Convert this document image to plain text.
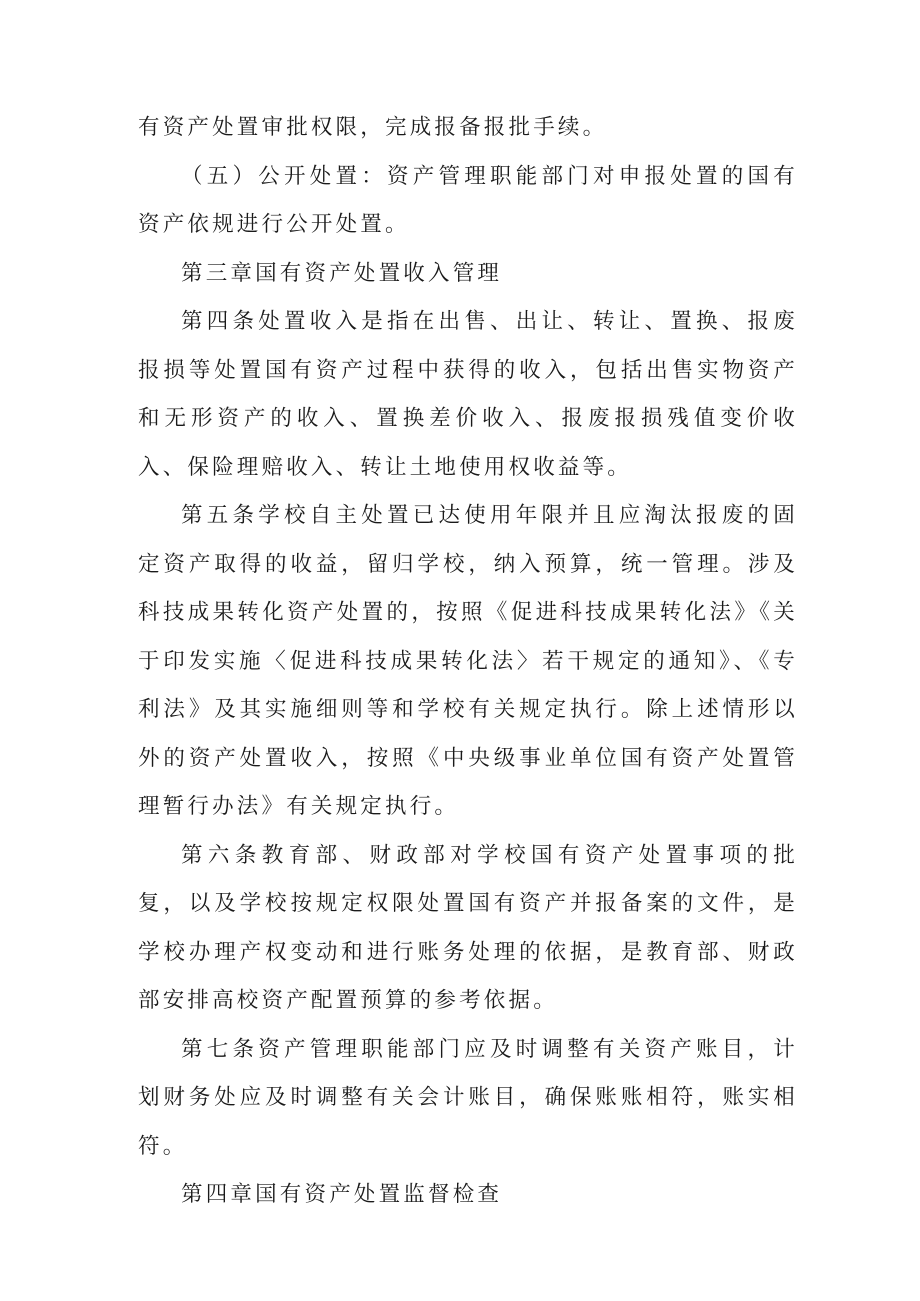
有资产处置审批权限，完成报备报批手续。

（五）公开处置：资产管理职能部门对申报处置的国有资产依规进行公开处置。

第三章国有资产处置收入管理

第四条处置收入是指在出售、出让、转让、置换、报废报损等处置国有资产过程中获得的收入，包括出售实物资产和无形资产的收入、置换差价收入、报废报损残值变价收入、保险理赔收入、转让土地使用权收益等。

第五条学校自主处置已达使用年限并且应淘汰报废的固定资产取得的收益，留归学校，纳入预算，统一管理。涉及科技成果转化资产处置的，按照《促进科技成果转化法》《关于印发实施〈促进科技成果转化法〉若干规定的通知》、《专利法》及其实施细则等和学校有关规定执行。除上述情形以外的资产处置收入，按照《中央级事业单位国有资产处置管理暂行办法》有关规定执行。

第六条教育部、财政部对学校国有资产处置事项的批复，以及学校按规定权限处置国有资产并报备案的文件，是学校办理产权变动和进行账务处理的依据，是教育部、财政部安排高校资产配置预算的参考依据。

第七条资产管理职能部门应及时调整有关资产账目，计划财务处应及时调整有关会计账目，确保账账相符，账实相符。

第四章国有资产处置监督检查
